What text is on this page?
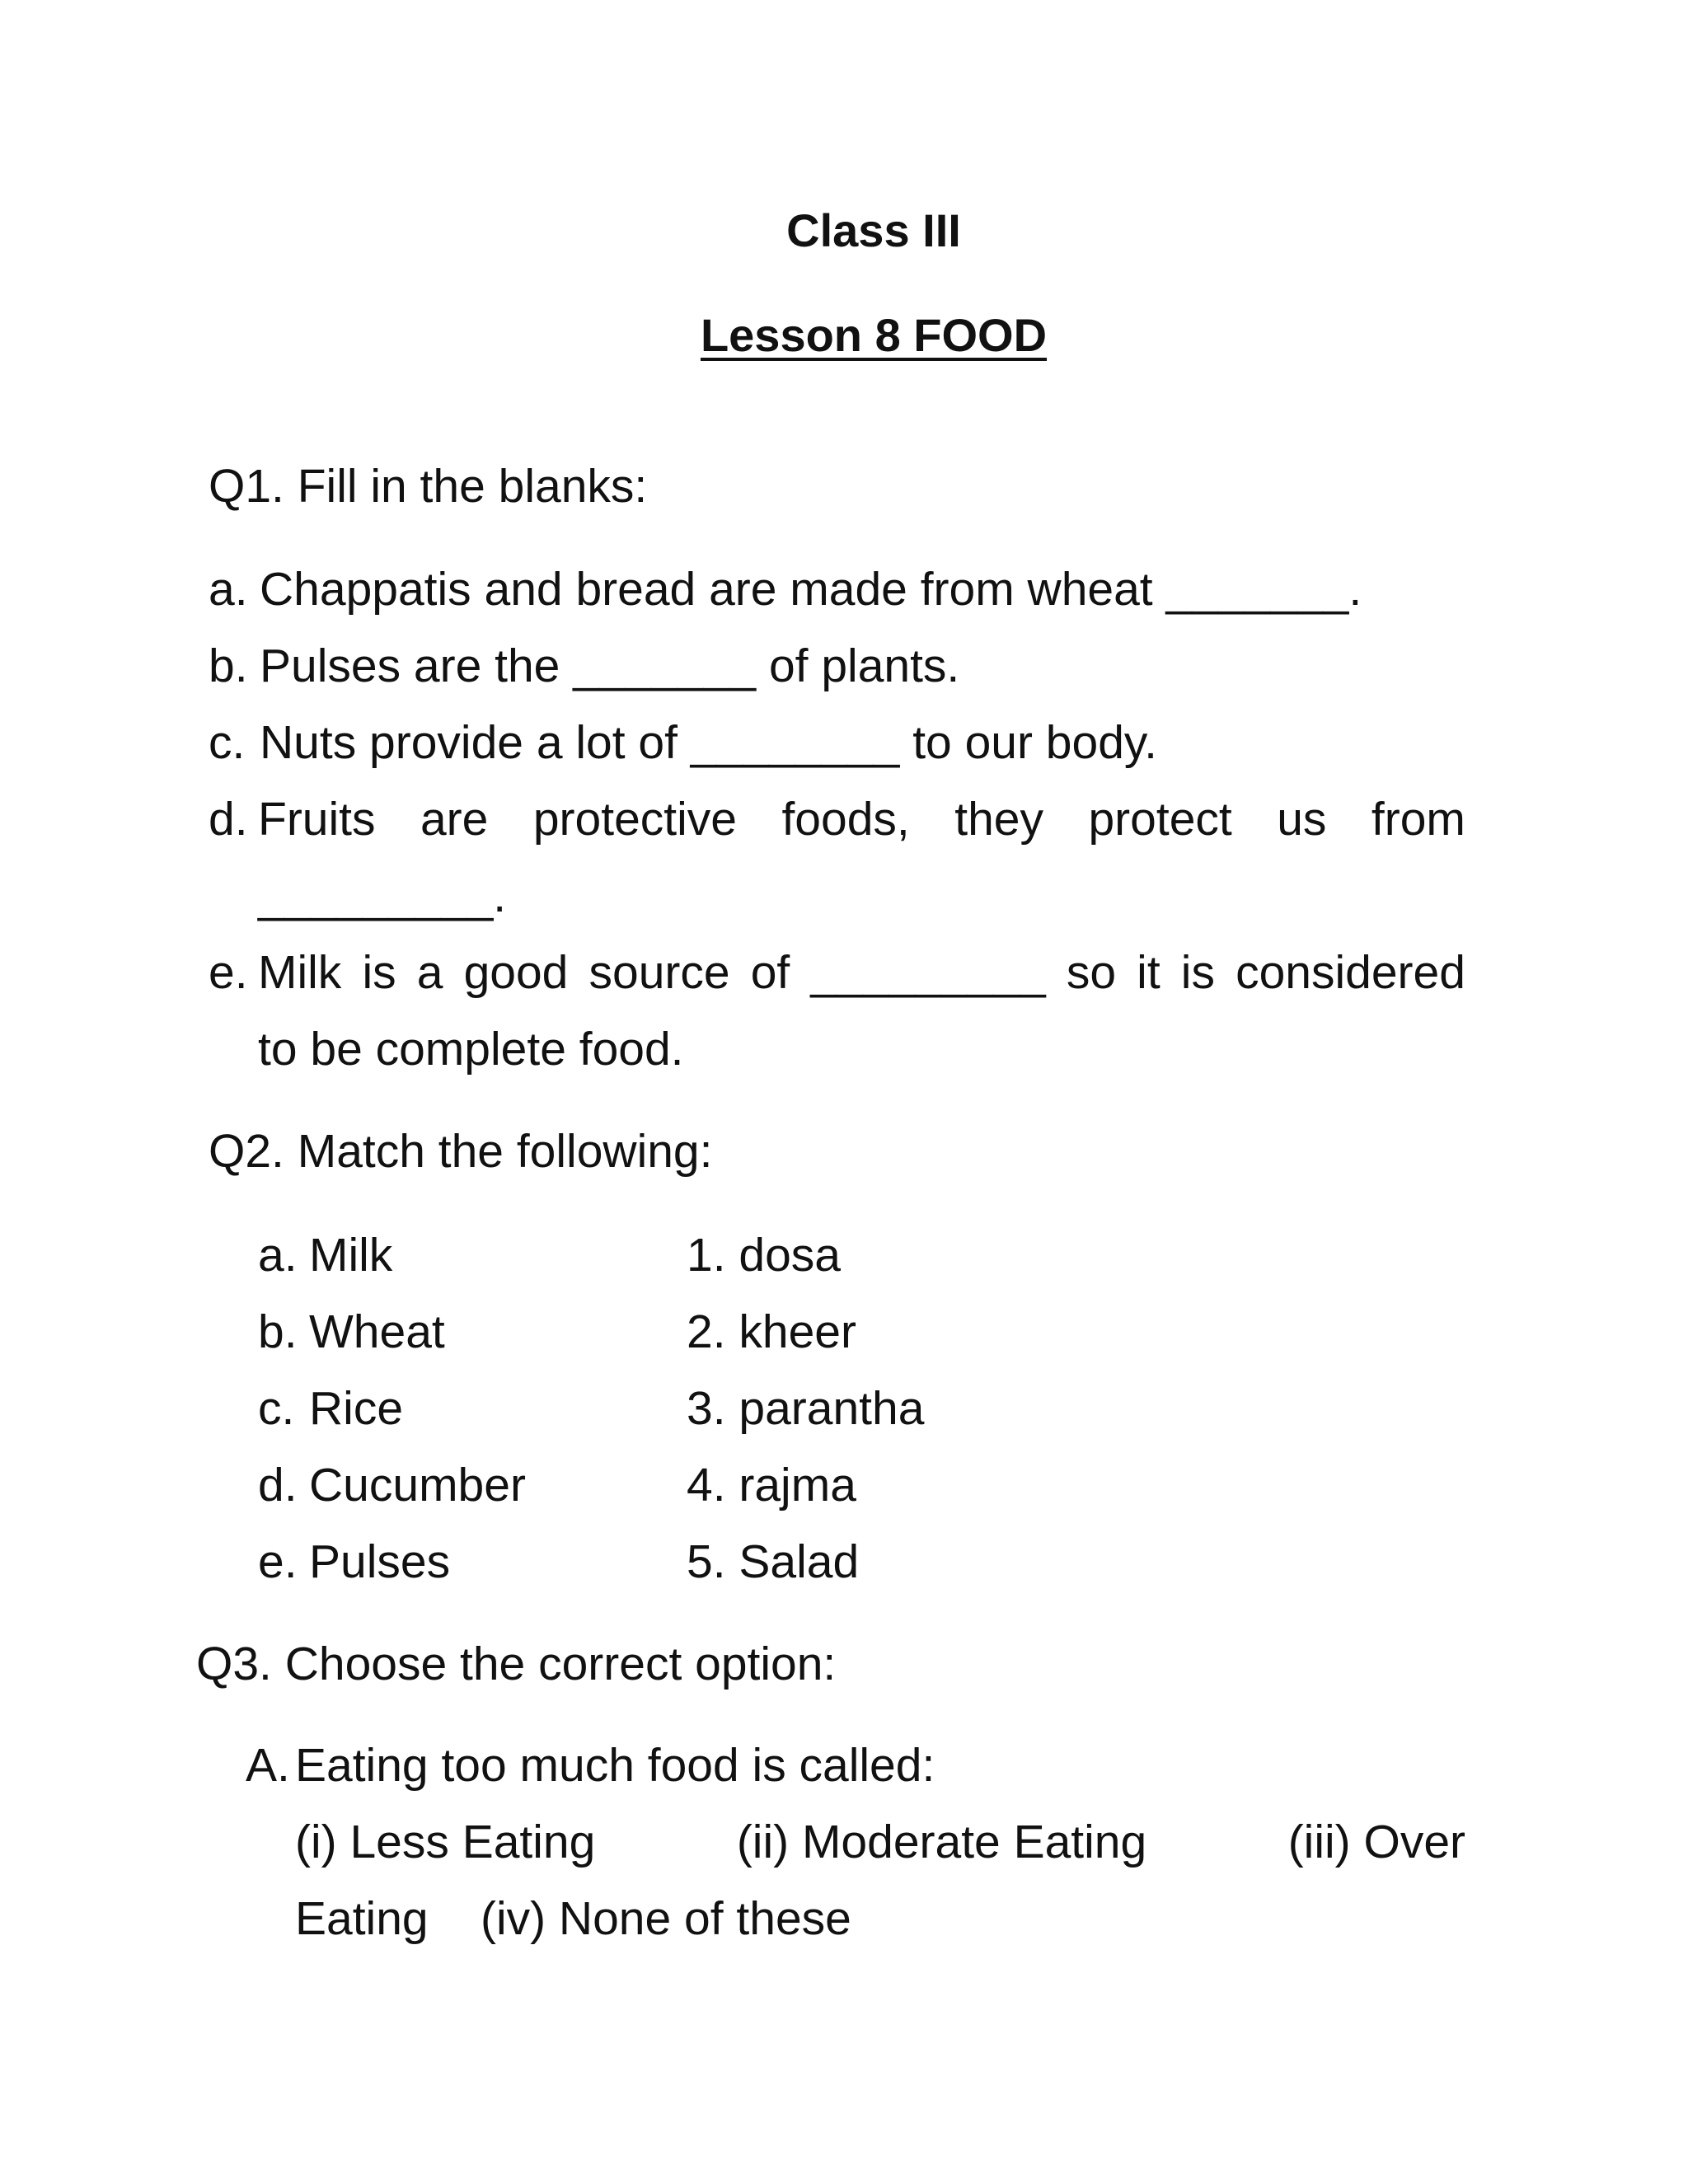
Class III
Lesson 8 FOOD
Q1. Fill in the blanks:
a. Chappatis and bread are made from wheat _______.
b. Pulses are the _______ of plants.
c. Nuts provide a lot of ________ to our body.
d. Fruits are protective foods, they protect us from
_________.
e. Milk is a good source of _________ so it is considered
to be complete food.
Q2. Match the following:
a. Milk
b. Wheat
c. Rice
d. Cucumber
e. Pulses
1. dosa
2. kheer
3. parantha
4. rajma
5. Salad
Q3. Choose the correct option:
A. Eating too much food is called:
(i) Less Eating	(ii) Moderate Eating	(iii) Over
Eating    (iv) None of these
